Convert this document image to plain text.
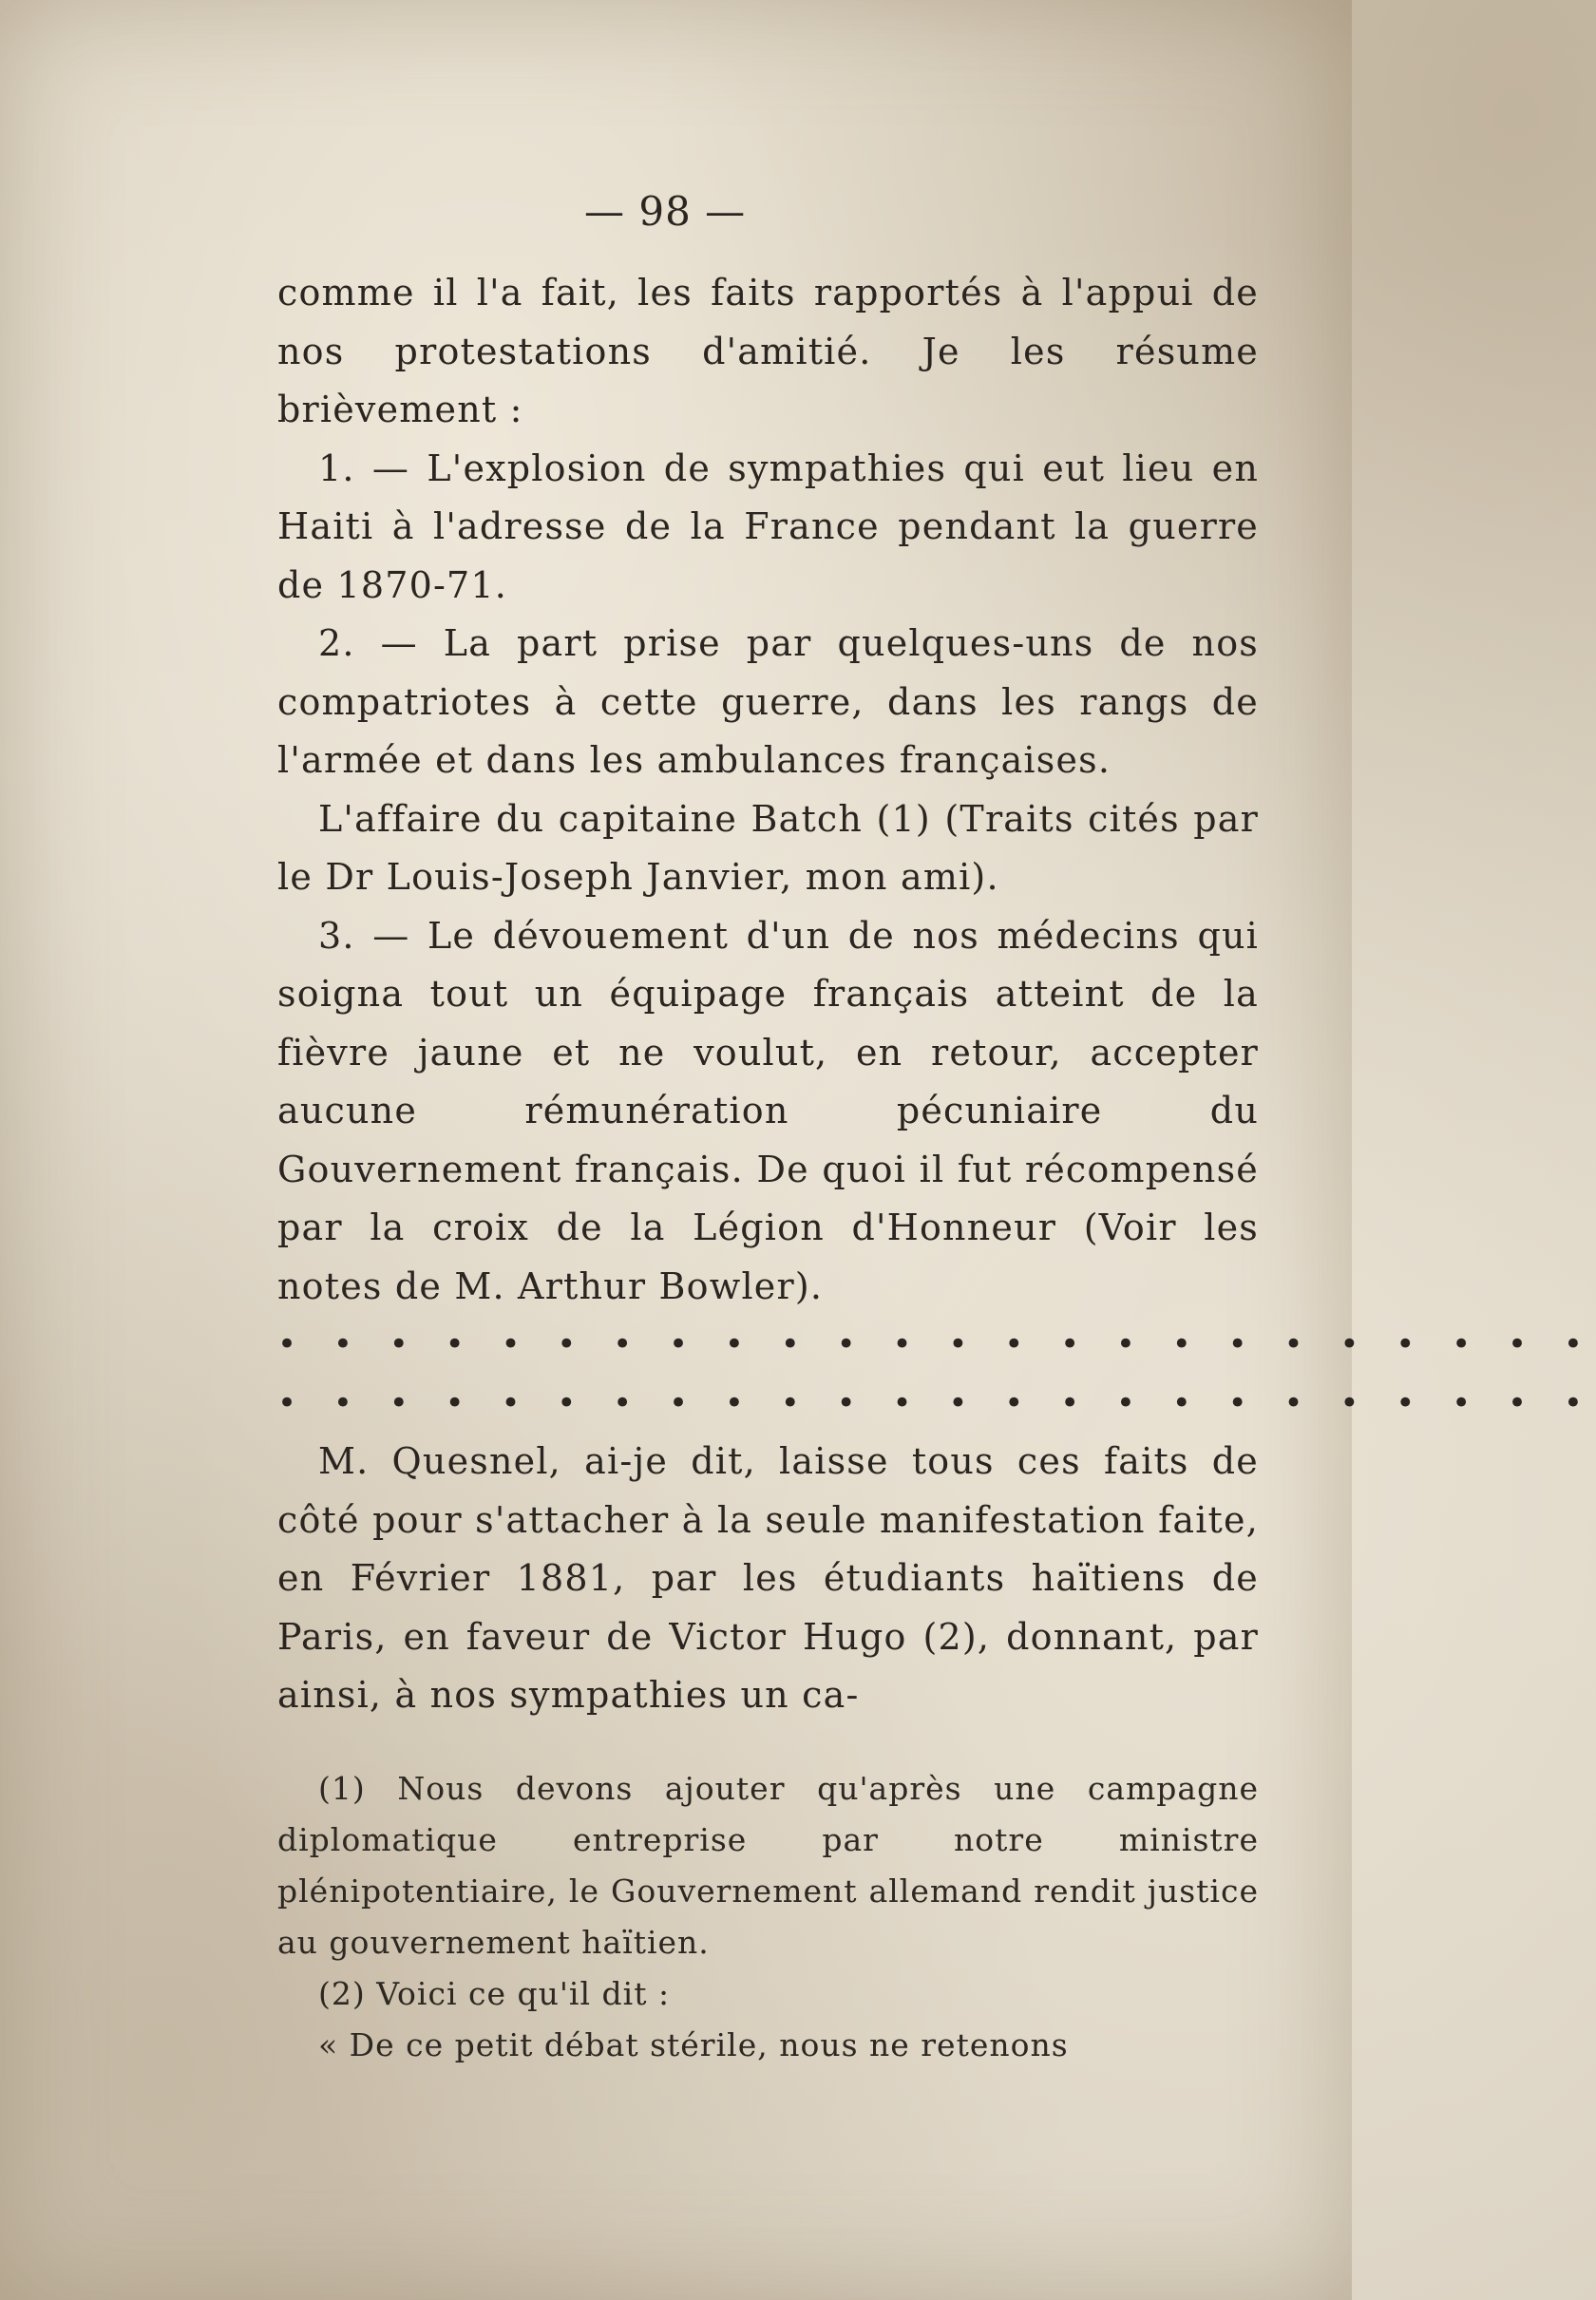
— 98 —

comme il l'a fait, les faits rapportés à l'appui de nos protestations d'amitié. Je les résume brièvement :

1. — L'explosion de sympathies qui eut lieu en Haiti à l'adresse de la France pendant la guerre de 1870-71.

2. — La part prise par quelques-uns de nos compatriotes à cette guerre, dans les rangs de l'armée et dans les ambulances françaises.

L'affaire du capitaine Batch (1) (Traits cités par le Dr Louis-Joseph Janvier, mon ami).

3. — Le dévouement d'un de nos médecins qui soigna tout un équipage français atteint de la fièvre jaune et ne voulut, en retour, accepter aucune rémunération pécuniaire du Gouvernement français. De quoi il fut récompensé par la croix de la Légion d'Honneur (Voir les notes de M. Arthur Bowler).

• • • • • • • • • • • • • • • • • • • • • • • •

• • • • • • • • • • • • • • • • • • • • • • • •

M. Quesnel, ai-je dit, laisse tous ces faits de côté pour s'attacher à la seule manifestation faite, en Février 1881, par les étudiants haïtiens de Paris, en faveur de Victor Hugo (2), donnant, par ainsi, à nos sympathies un ca-

(1) Nous devons ajouter qu'après une campagne diplomatique entreprise par notre ministre plénipotentiaire, le Gouvernement allemand rendit justice au gouvernement haïtien.

(2) Voici ce qu'il dit :

« De ce petit débat stérile, nous ne retenons
